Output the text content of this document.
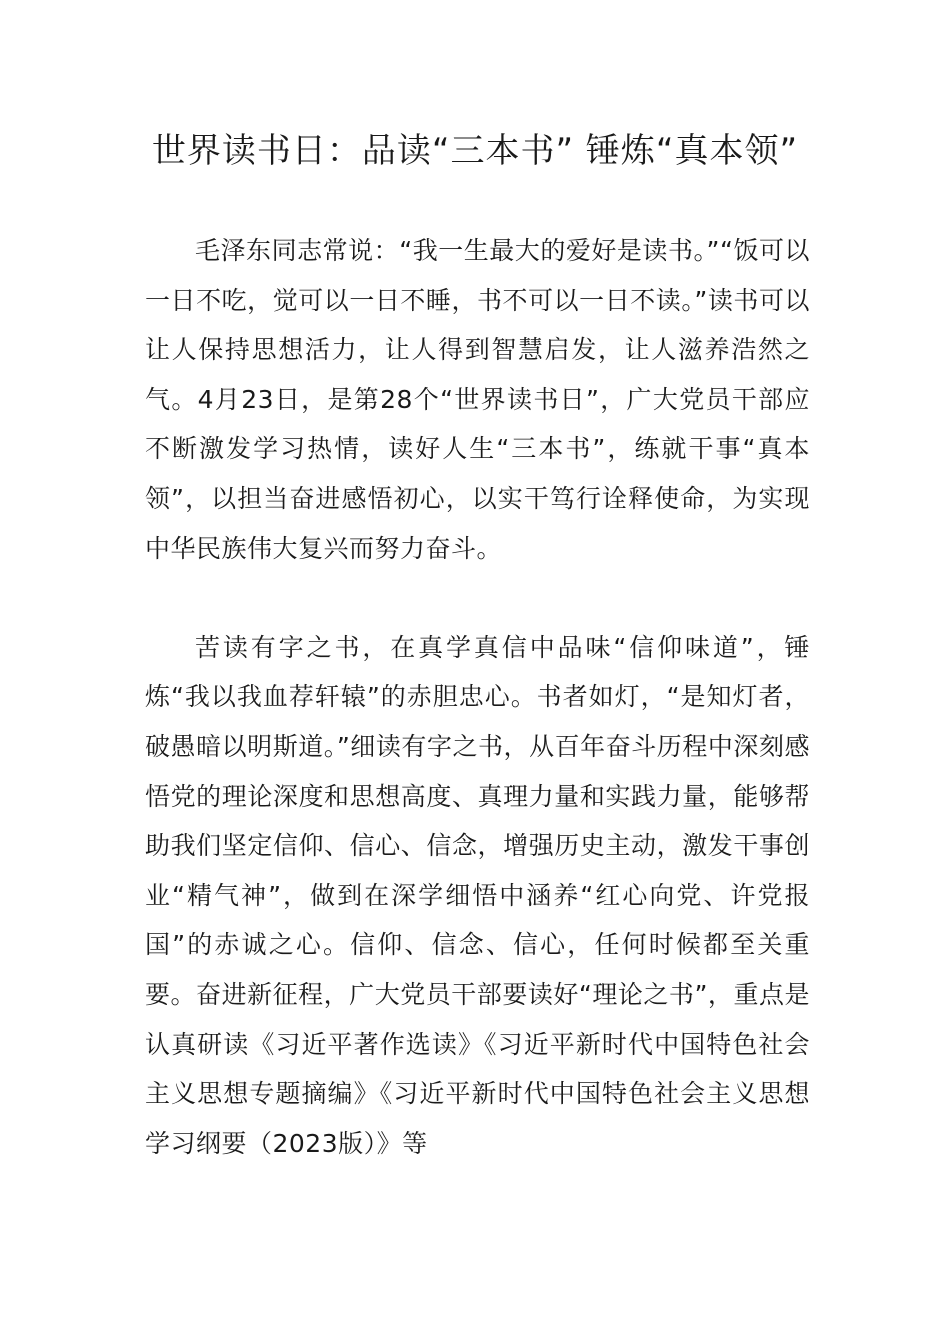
世界读书日：品读“三本书” 锤炼“真本领”

毛泽东同志常说：“我一生最大的爱好是读书。”“饭可以一日不吃，觉可以一日不睡，书不可以一日不读。”读书可以让人保持思想活力，让人得到智慧启发，让人滋养浩然之气。4月23日，是第28个“世界读书日”，广大党员干部应不断激发学习热情，读好人生“三本书”，练就干事“真本领”，以担当奋进感悟初心，以实干笃行诠释使命，为实现中华民族伟大复兴而努力奋斗。

苦读有字之书，在真学真信中品味“信仰味道”，锤炼“我以我血荐轩辕”的赤胆忠心。书者如灯，“是知灯者，破愚暗以明斯道。”细读有字之书，从百年奋斗历程中深刻感悟党的理论深度和思想高度、真理力量和实践力量，能够帮助我们坚定信仰、信心、信念，增强历史主动，激发干事创业“精气神”，做到在深学细悟中涵养“红心向党、许党报国”的赤诚之心。信仰、信念、信心，任何时候都至关重要。奋进新征程，广大党员干部要读好“理论之书”，重点是认真研读《习近平著作选读》《习近平新时代中国特色社会主义思想专题摘编》《习近平新时代中国特色社会主义思想学习纲要（2023版）》等
